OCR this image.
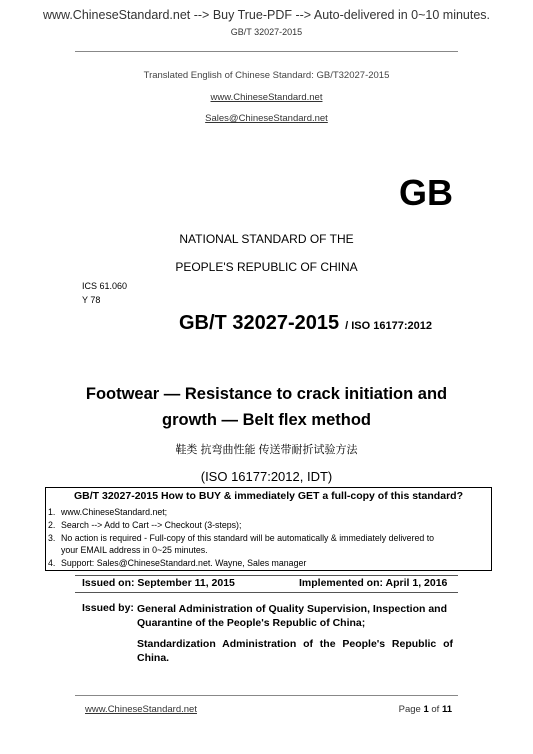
www.ChineseStandard.net --> Buy True-PDF --> Auto-delivered in 0~10 minutes.
GB/T 32027-2015
Translated English of Chinese Standard: GB/T32027-2015
www.ChineseStandard.net
Sales@ChineseStandard.net
GB
NATIONAL STANDARD OF THE
PEOPLE'S REPUBLIC OF CHINA
ICS 61.060
Y 78
GB/T 32027-2015 / ISO 16177:2012
Footwear — Resistance to crack initiation and
growth — Belt flex method
鞋类 抗弯曲性能 传送带耐折试验方法
(ISO 16177:2012, IDT)
GB/T 32027-2015 How to BUY & immediately GET a full-copy of this standard?
1. www.ChineseStandard.net;
2. Search --> Add to Cart --> Checkout (3-steps);
3. No action is required - Full-copy of this standard will be automatically & immediately delivered to
your EMAIL address in 0~25 minutes.
4. Support: Sales@ChineseStandard.net. Wayne, Sales manager
Issued on: September 11, 2015	Implemented on: April 1, 2016
Issued by: General Administration of Quality Supervision, Inspection and Quarantine of the People's Republic of China;
Standardization Administration of the People's Republic of China.
www.ChineseStandard.net	Page 1 of 11
